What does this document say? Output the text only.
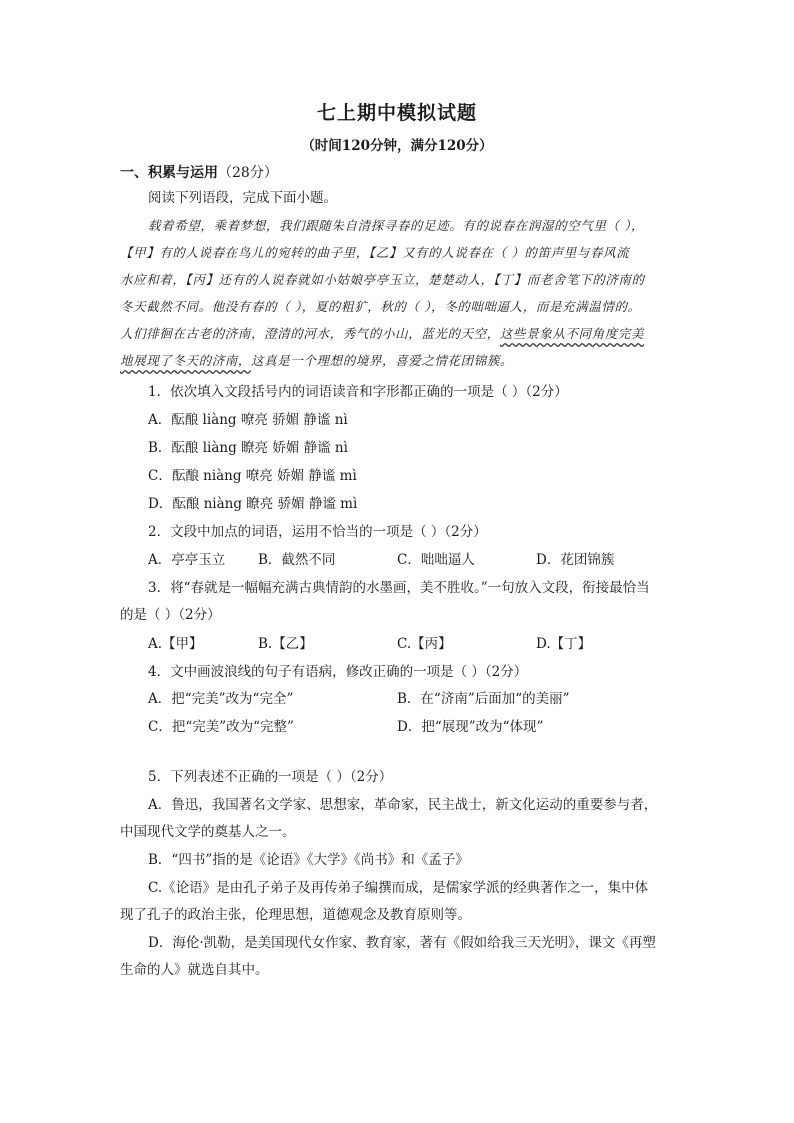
七上期中模拟试题
（时间120分钟，满分120分）
一、积累与运用（28分）
阅读下列语段，完成下面小题。
载着希望，乘着梦想，我们跟随朱自清探寻春的足迹。有的说春在润湿的空气里（ ），
【甲】有的人说春在鸟儿的宛转的曲子里，【乙】又有的人说春在（ ）的笛声里与春风流
水应和着，【丙】还有的人说春就如小姑娘亭亭玉立，楚楚动人，【丁】而老舍笔下的济南的
冬天截然不同。他没有春的（ ），夏的粗犷，秋的（ ），冬的咄咄逼人，而是充满温情的。
人们徘徊在古老的济南，澄清的河水，秀气的小山，蓝光的天空，这些景象从不同角度完美
地展现了冬天的济南，这真是一个理想的境界，喜爱之情花团锦簇。
1．依次填入文段括号内的词语读音和字形都正确的一项是（ ）（2分）
A．酝酿 liàng 嘹亮 骄媚 静谧 nì
B．酝酿 liàng 瞭亮 娇媚 静谧 nì
C．酝酿 niàng 嘹亮 娇媚 静谧 mì
D．酝酿 niàng 瞭亮 骄媚 静谧 mì
2．文段中加点的词语，运用不恰当的一项是（ ）（2分）
A．亭亭玉立 B．截然不同	C．咄咄逼人	D．花团锦簇
3．将“春就是一幅幅充满古典情韵的水墨画，美不胜收。”一句放入文段，衔接最恰当
的是（ ）（2分）
A.【甲】	B.【乙】	C.【丙】	D.【丁】
4．文中画波浪线的句子有语病，修改正确的一项是（ ）（2分）
A．把“完美”改为“完全”	B．在“济南”后面加“的美丽”
C．把“完美”改为“完整”	D．把“展现”改为“体现”
5．下列表述不正确的一项是（ ）（2分）
A．鲁迅，我国著名文学家、思想家，革命家，民主战士，新文化运动的重要参与者，
中国现代文学的奠基人之一。
B．“四书”指的是《论语》《大学》《尚书》和《孟子》
C.《论语》是由孔子弟子及再传弟子编撰而成，是儒家学派的经典著作之一，集中体
现了孔子的政治主张，伦理思想，道德观念及教育原则等。
D．海伦·凯勒，是美国现代女作家、教育家，著有《假如给我三天光明》，课文《再塑
生命的人》就选自其中。
